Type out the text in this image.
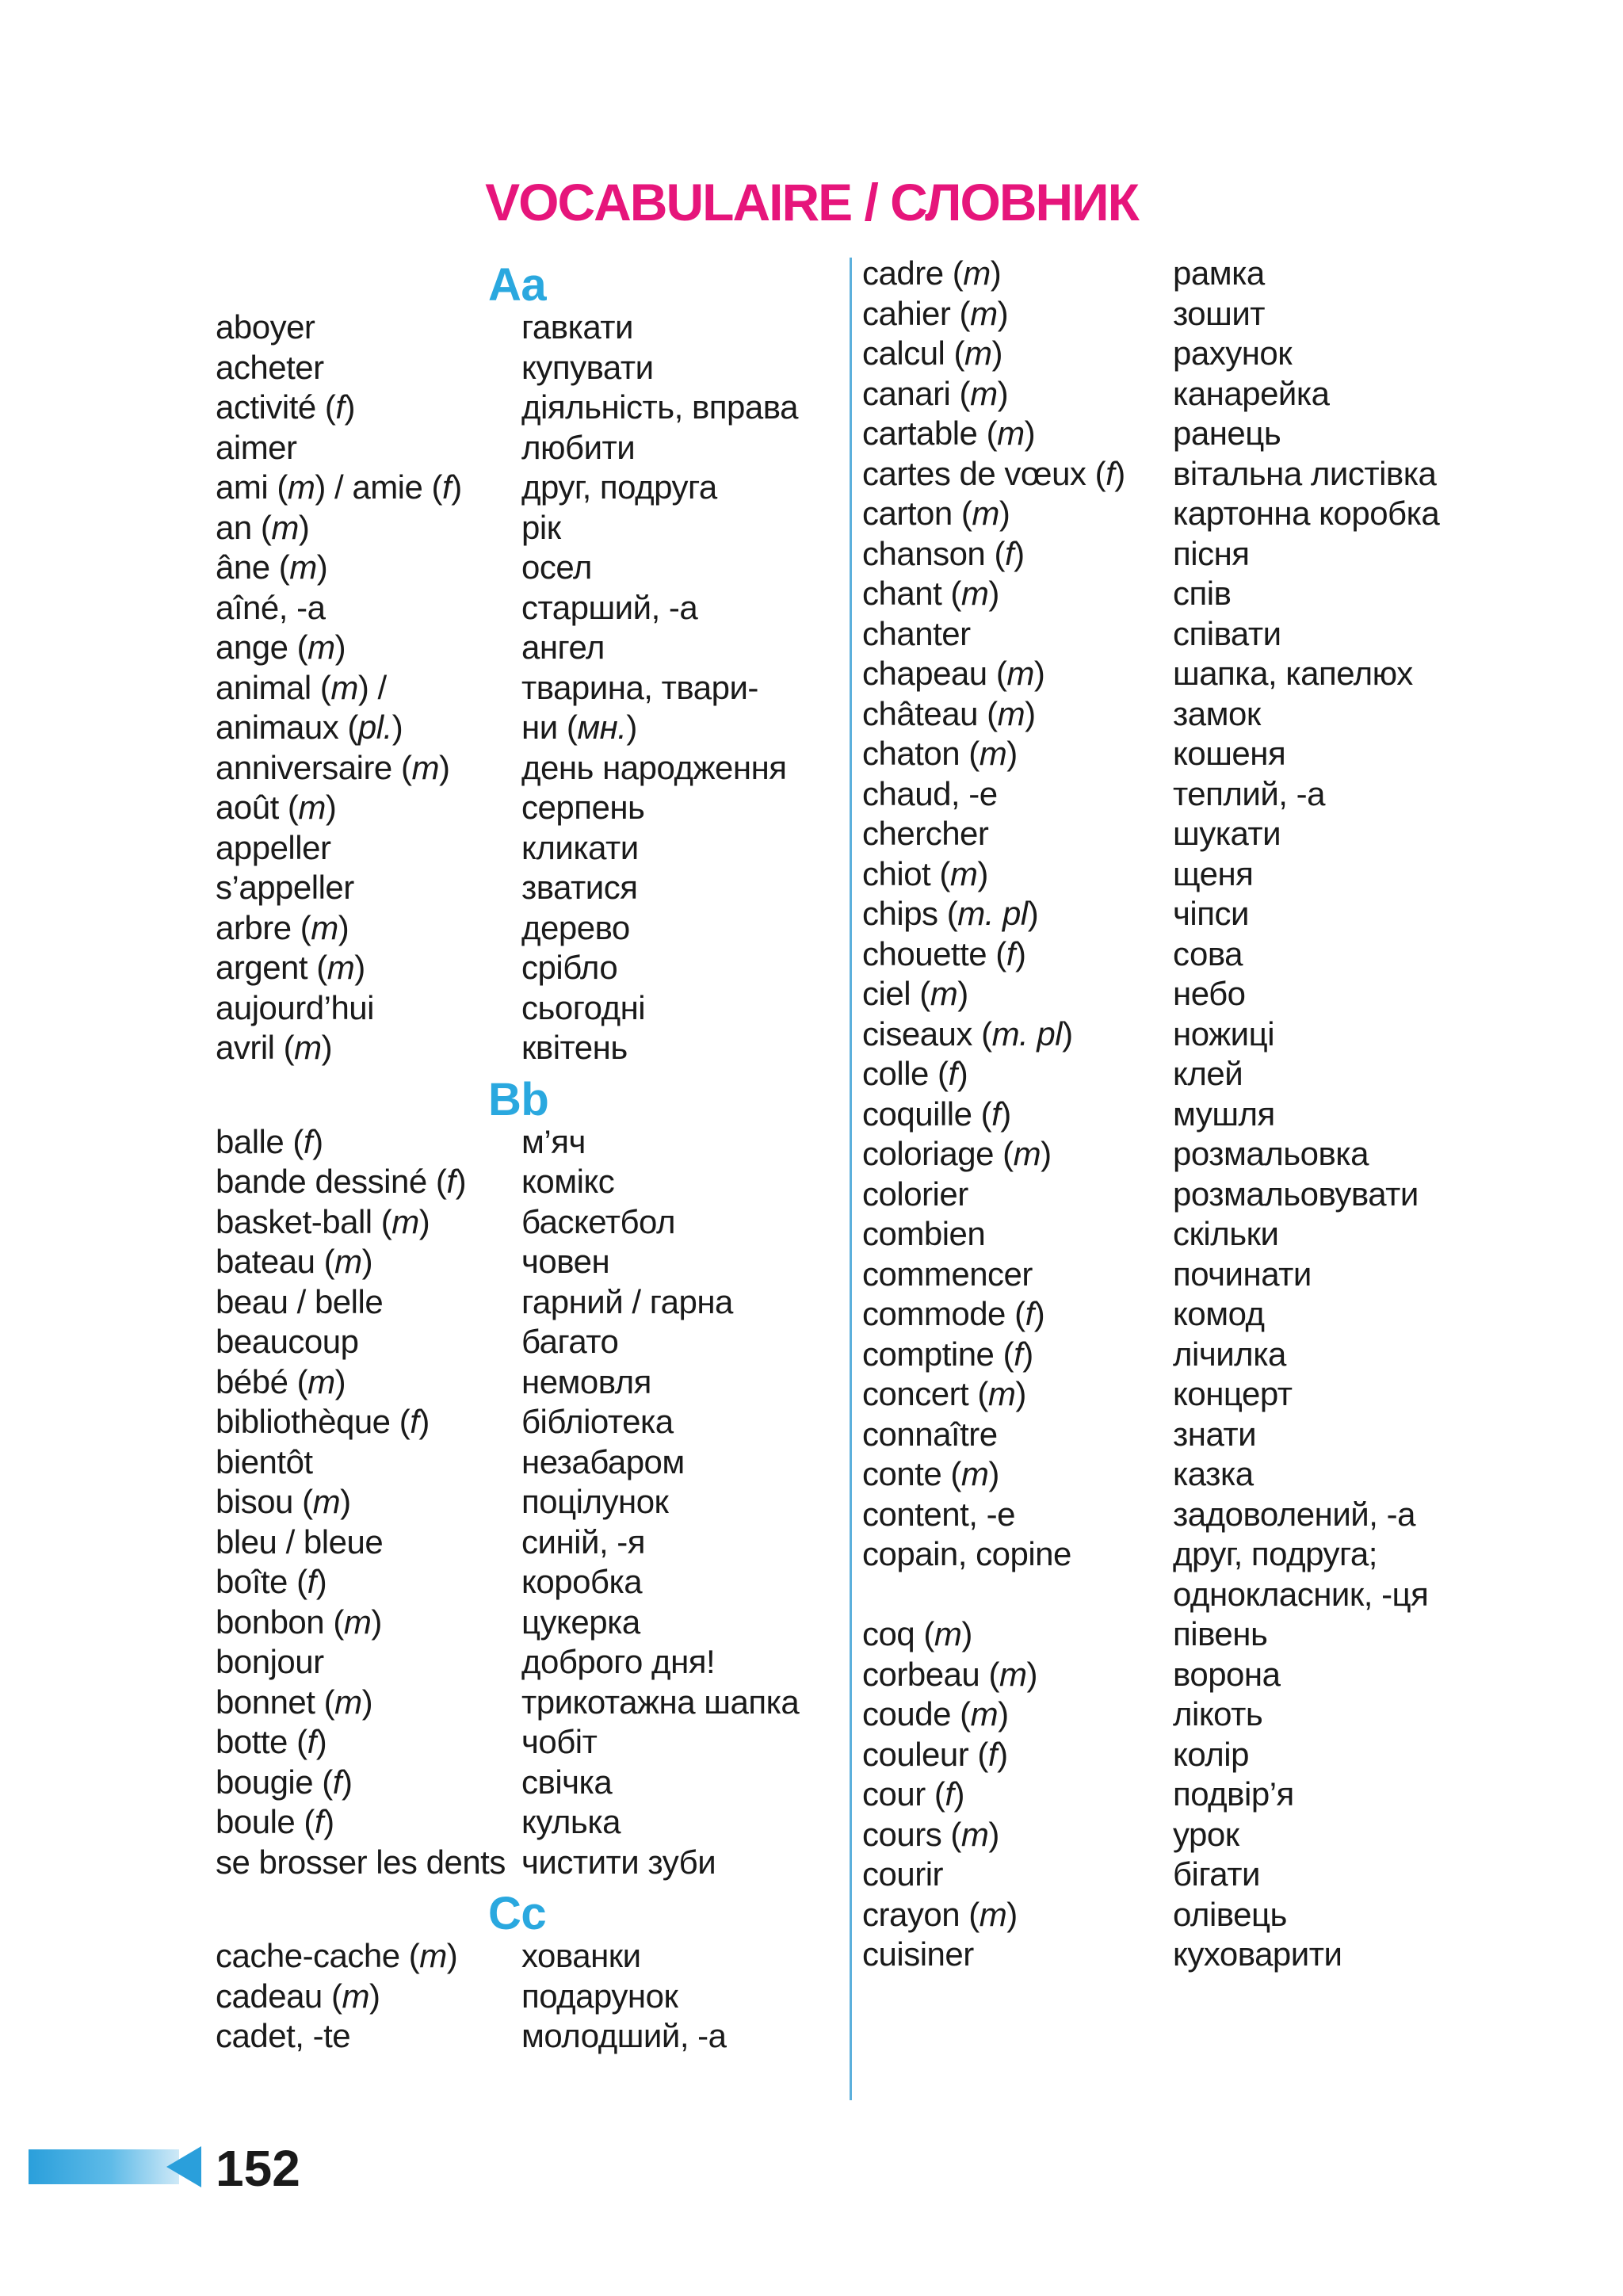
VOCABULAIRE / СЛОВНИК
Aa
aboyer	гавкати
acheter	купувати
activité (f)	діяльність, вправа
aimer	любити
ami (m) / amie (f) друг, подруга
an (m)	рік
âne (m)	осел
aîné, -a	старший, -а
ange (m)	ангел
animal (m) /	тварина, твари-
animaux (pl.)	ни (мн.)
anniversaire (m) день народження
août (m)	серпень
appeller	кликати
s’appeller	зватися
arbre (m)	дерево
argent (m)	срібло
aujourd’hui	сьогодні
avril (m)	квітень
Bb
balle (f)	м’яч
bande dessiné (f) комікс
basket-ball (m)	баскетбол
bateau (m)	човен
beau / belle	гарний / гарна
beaucoup	багато
bébé (m)	немовля
bibliothèque (f)	бібліотека
bientôt	незабаром
bisou (m)	поцілунок
bleu / bleue	синій, -я
boîte (f)	коробка
bonbon (m)	цукерка
bonjour	доброго дня!
bonnet (m)	трикотажна шапка
botte (f)	чобіт
bougie (f)	свічка
boule (f)	кулька
se brosser les dents чистити зуби
Cc
cache-cache (m) хованки
cadeau (m)	подарунок
cadet, -te	молодший, -а
cadre (m)	рамка
cahier (m)	зошит
calcul (m)	рахунок
canari (m)	канарейка
cartable (m)	ранець
cartes de vœux (f) вітальна листівка
carton (m)	картонна коробка
chanson (f)	пісня
chant (m)	спів
chanter	співати
chapeau (m)	шапка, капелюх
château (m)	замок
chaton (m)	кошеня
chaud, -e	теплий, -а
chercher	шукати
chiot (m)	щеня
chips (m. pl)	чіпси
chouette (f)	сова
ciel (m)	небо
ciseaux (m. pl)	ножиці
colle (f)	клей
coquille (f)	мушля
coloriage (m)	розмальовка
colorier	розмальовувати
combien	скільки
commencer	починати
commode (f)	комод
comptine (f)	лічилка
concert (m)	концерт
connaître	знати
conte (m)	казка
content, -e	задоволений, -а
copain, copine	друг, подруга;
однокласник, -ця
coq (m)	півень
corbeau (m)	ворона
coude (m)	лікоть
couleur (f)	колір
cour (f)	подвір’я
cours (m)	урок
courir	бігати
crayon (m)	олівець
cuisiner	куховарити
152
